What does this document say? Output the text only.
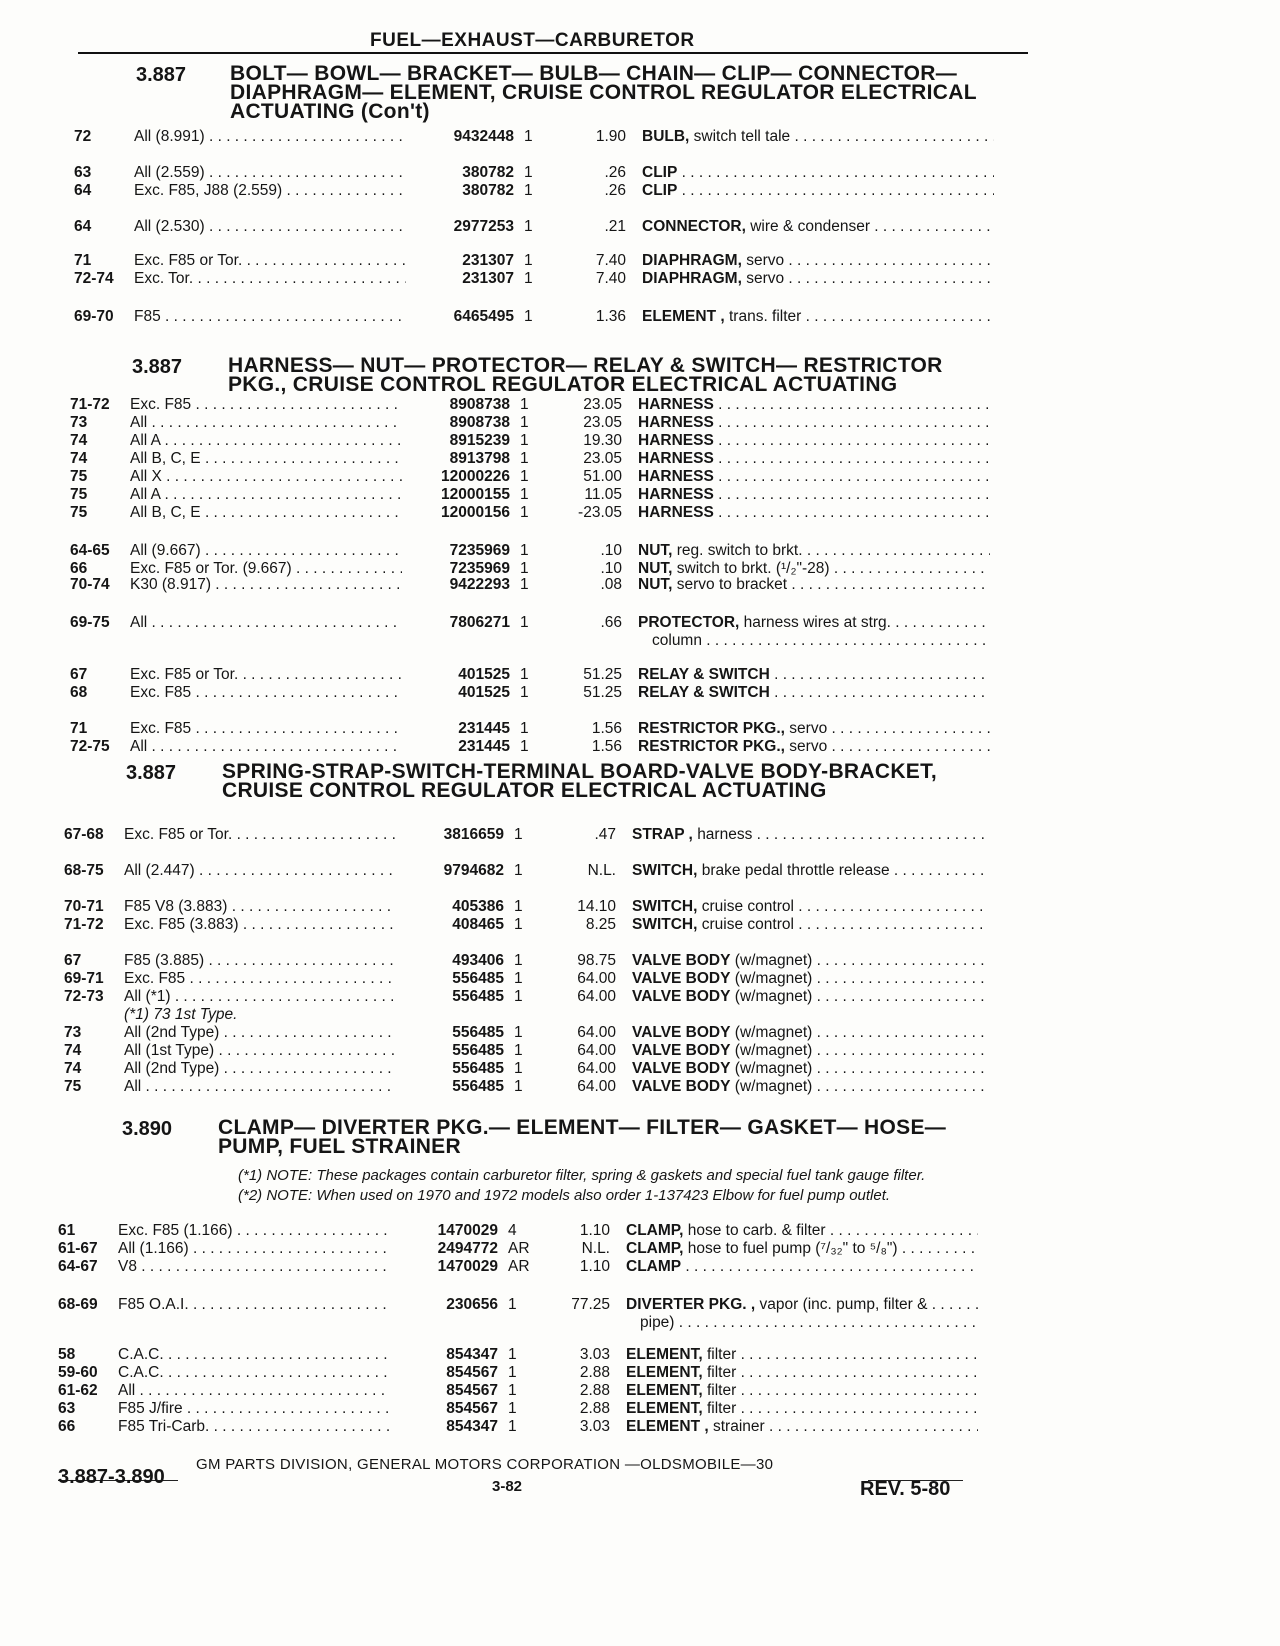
FUEL—EXHAUST—CARBURETOR
3.887 BOLT— BOWL— BRACKET— BULB— CHAIN— CLIP— CONNECTOR—
DIAPHRAGM— ELEMENT, CRUISE CONTROL REGULATOR ELECTRICAL
ACTUATING (Con't)
72	All (8.991) . . .	9432448 1	1.90 BULB, switch tell tale . . .
63	All (2.559) . . .	380782 1	.26 CLIP . . .
64	Exc. F85, J88 (2.559) . . .	380782 1	.26 CLIP . . .
64	All (2.530) . . .	2977253 1	.21 CONNECTOR, wire & condenser . . .
71	Exc. F85 or Tor. . . .	231307 1	7.40 DIAPHRAGM, servo . . .
72-74 Exc. Tor. . . .	231307 1	7.40 DIAPHRAGM, servo . . .
69-70 F85 . . .	6465495 1	1.36 ELEMENT , trans. filter . . .
3.887 HARNESS— NUT— PROTECTOR— RELAY & SWITCH— RESTRICTOR
PKG., CRUISE CONTROL REGULATOR ELECTRICAL ACTUATING
71-72 Exc. F85 . . .	8908738 1	23.05 HARNESS . . .
73	All . . .	8908738 1	23.05 HARNESS . . .
74	All A . . .	8915239 1	19.30 HARNESS . . .
74	All B, C, E . . .	8913798 1	23.05 HARNESS . . .
75	All X . . .	12000226 1	51.00 HARNESS . . .
75	All A . . .	12000155 1	11.05 HARNESS . . .
75	All B, C, E . . .	12000156 1	-23.05 HARNESS . . .
64-65 All (9.667) . . .	7235969 1	.10 NUT, reg. switch to brkt. . . .
66	Exc. F85 or Tor. (9.667) . . .	7235969 1	.10 NUT, switch to brkt. (¹/₂"-28) . . .
70-74 K30 (8.917) . . .	9422293 1	.08 NUT, servo to bracket . . .
69-75 All . . .	7806271 1	.66 PROTECTOR, harness wires at strg. . . .
column . . .
67	Exc. F85 or Tor. . . .	401525 1	51.25 RELAY & SWITCH . . .
68	Exc. F85 . . .	401525 1	51.25 RELAY & SWITCH . . .
71	Exc. F85 . . .	231445 1	1.56 RESTRICTOR PKG., servo . . .
72-75 All . . .	231445 1	1.56 RESTRICTOR PKG., servo . . .
3.887 SPRING-STRAP-SWITCH-TERMINAL BOARD-VALVE BODY-BRACKET,
CRUISE CONTROL REGULATOR ELECTRICAL ACTUATING
67-68 Exc. F85 or Tor. . . .	3816659 1	.47 STRAP , harness . . .
68-75 All (2.447) . . .	9794682 1	N.L. SWITCH, brake pedal throttle release . . .
70-71 F85 V8 (3.883) . . .	405386 1	14.10 SWITCH, cruise control . . .
71-72 Exc. F85 (3.883) . . .	408465 1	8.25 SWITCH, cruise control . . .
67	F85 (3.885) . . .	493406 1	98.75 VALVE BODY (w/magnet) . . .
69-71 Exc. F85 . . .	556485 1	64.00 VALVE BODY (w/magnet) . . .
72-73 All (*1) . . .	556485 1	64.00 VALVE BODY (w/magnet) . . .
(*1) 73 1st Type.
73	All (2nd Type) . . .	556485 1	64.00 VALVE BODY (w/magnet) . . .
74	All (1st Type) . . .	556485 1	64.00 VALVE BODY (w/magnet) . . .
74	All (2nd Type) . . .	556485 1	64.00 VALVE BODY (w/magnet) . . .
75	All . . .	556485 1	64.00 VALVE BODY (w/magnet) . . .
3.890 CLAMP— DIVERTER PKG.— ELEMENT— FILTER— GASKET— HOSE—
PUMP, FUEL STRAINER
(*1) NOTE: These packages contain carburetor filter, spring & gaskets and special fuel tank gauge filter.
(*2) NOTE: When used on 1970 and 1972 models also order 1-137423 Elbow for fuel pump outlet.
61	Exc. F85 (1.166) . . .	1470029 4	1.10 CLAMP, hose to carb. & filter . . .
61-67 All (1.166) . . .	2494772 AR	N.L. CLAMP, hose to fuel pump (⁷/₃₂" to ⁵/₈") . . .
64-67 V8 . . .	1470029 AR	1.10 CLAMP . . .
68-69 F85 O.A.I. . . .	230656 1	77.25 DIVERTER PKG. , vapor (inc. pump, filter & . . .
pipe) . . .
58	C.A.C. . . .	854347 1	3.03 ELEMENT, filter . . .
59-60 C.A.C. . . .	854567 1	2.88 ELEMENT, filter . . .
61-62 All . . .	854567 1	2.88 ELEMENT, filter . . .
63	F85 J/fire . . .	854567 1	2.88 ELEMENT, filter . . .
66	F85 Tri-Carb. . . .	854347 1	3.03 ELEMENT , strainer . . .
GM PARTS DIVISION, GENERAL MOTORS CORPORATION —OLDSMOBILE—30
3.887-3.890	3-82	REV. 5-80
